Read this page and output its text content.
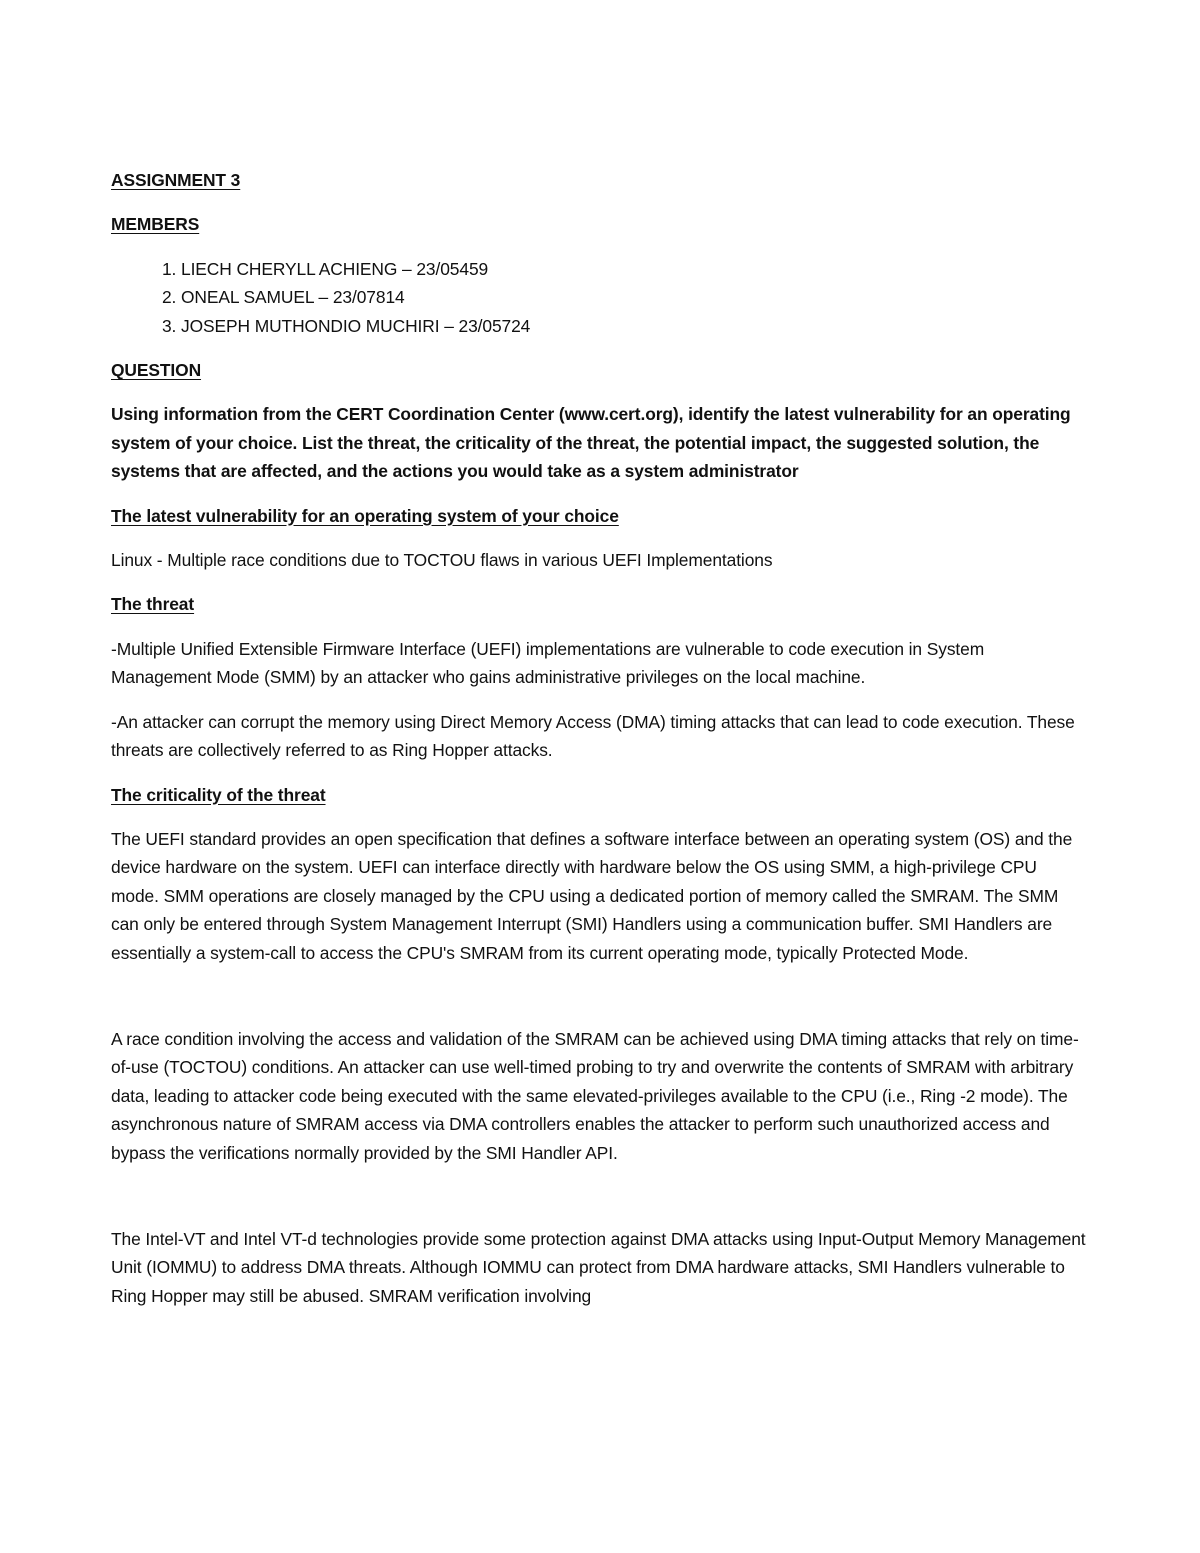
ASSIGNMENT 3
MEMBERS
1. LIECH CHERYLL ACHIENG – 23/05459
2. ONEAL SAMUEL – 23/07814
3. JOSEPH MUTHONDIO MUCHIRI – 23/05724
QUESTION

Using information from the CERT Coordination Center (www.cert.org), identify the latest vulnerability for an operating system of your choice. List the threat, the criticality of the threat, the potential impact, the suggested solution, the systems that are affected, and the actions you would take as a system administrator

The latest vulnerability for an operating system of your choice

Linux - Multiple race conditions due to TOCTOU flaws in various UEFI Implementations

The threat

-Multiple Unified Extensible Firmware Interface (UEFI) implementations are vulnerable to code execution in System Management Mode (SMM) by an attacker who gains administrative privileges on the local machine.

-An attacker can corrupt the memory using Direct Memory Access (DMA) timing attacks that can lead to code execution. These threats are collectively referred to as Ring Hopper attacks.

The criticality of the threat

The UEFI standard provides an open specification that defines a software interface between an operating system (OS) and the device hardware on the system. UEFI can interface directly with hardware below the OS using SMM, a high-privilege CPU mode. SMM operations are closely managed by the CPU using a dedicated portion of memory called the SMRAM. The SMM can only be entered through System Management Interrupt (SMI) Handlers using a communication buffer. SMI Handlers are essentially a system-call to access the CPU's SMRAM from its current operating mode, typically Protected Mode.

A race condition involving the access and validation of the SMRAM can be achieved using DMA timing attacks that rely on time-of-use (TOCTOU) conditions. An attacker can use well-timed probing to try and overwrite the contents of SMRAM with arbitrary data, leading to attacker code being executed with the same elevated-privileges available to the CPU (i.e., Ring -2 mode). The asynchronous nature of SMRAM access via DMA controllers enables the attacker to perform such unauthorized access and bypass the verifications normally provided by the SMI Handler API.

The Intel-VT and Intel VT-d technologies provide some protection against DMA attacks using Input-Output Memory Management Unit (IOMMU) to address DMA threats. Although IOMMU can protect from DMA hardware attacks, SMI Handlers vulnerable to Ring Hopper may still be abused. SMRAM verification involving
